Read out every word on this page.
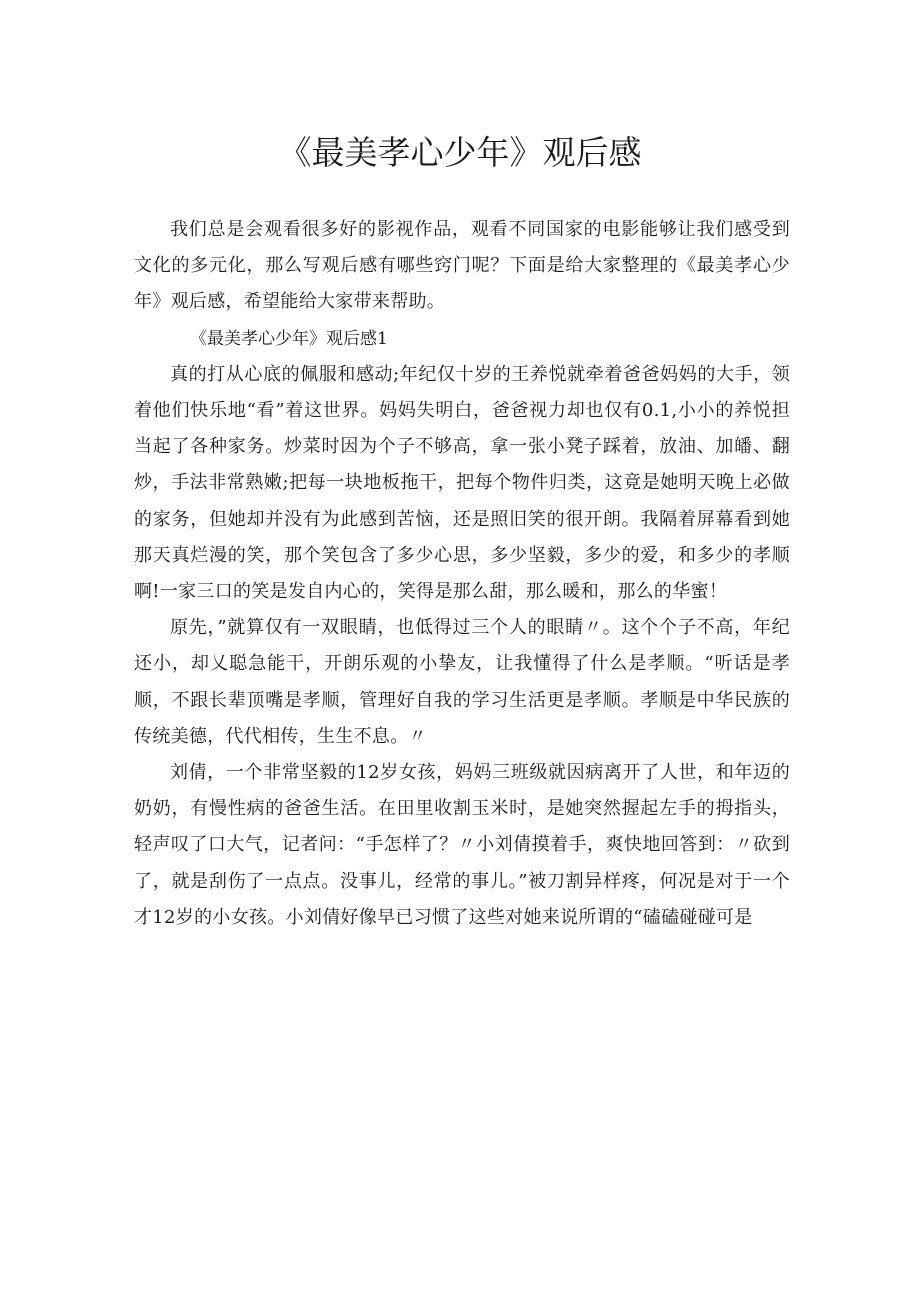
《最美孝心少年》观后感

我们总是会观看很多好的影视作品，观看不同国家的电影能够让我们感受到文化的多元化，那么写观后感有哪些窍门呢？下面是给大家整理的《最美孝心少年》观后感，希望能给大家带来帮助。

《最美孝心少年》观后感1

真的打从心底的佩服和感动;年纪仅十岁的王养悦就牵着爸爸妈妈的大手，领着他们快乐地“看”着这世界。妈妈失明白，爸爸视力却也仅有0.1,小小的养悦担当起了各种家务。炒菜时因为个子不够高，拿一张小凳子踩着，放油、加皤、翻炒，手法非常熟嫩;把每一块地板拖干，把每个物件归类，这竟是她明天晚上必做的家务，但她却并没有为此感到苦恼，还是照旧笑的很开朗。我隔着屏幕看到她那天真烂漫的笑，那个笑包含了多少心思，多少坚毅，多少的爱，和多少的孝顺啊!一家三口的笑是发自内心的，笑得是那么甜，那么暖和，那么的华蜜！

原先，”就算仅有一双眼睛，也低得过三个人的眼睛〃。这个个子不高，年纪还小，却乂聪急能干，开朗乐观的小挚友，让我懂得了什么是孝顺。“听话是孝顺，不跟长辈顶嘴是孝顺，管理好自我的学习生活更是孝顺。孝顺是中华民族的传统美德，代代相传，生生不息。〃

刘倩，一个非常坚毅的12岁女孩，妈妈三班级就因病离开了人世，和年迈的奶奶，有慢性病的爸爸生活。在田里收割玉米时，是她突然握起左手的拇指头，轻声叹了口大气，记者问：“手怎样了？〃小刘倩摸着手，爽快地回答到：〃砍到了，就是刮伤了一点点。没事儿，经常的事儿。”被刀割异样疼，何况是对于一个才12岁的小女孩。小刘倩好像早已习惯了这些对她来说所谓的“磕磕碰碰可是
